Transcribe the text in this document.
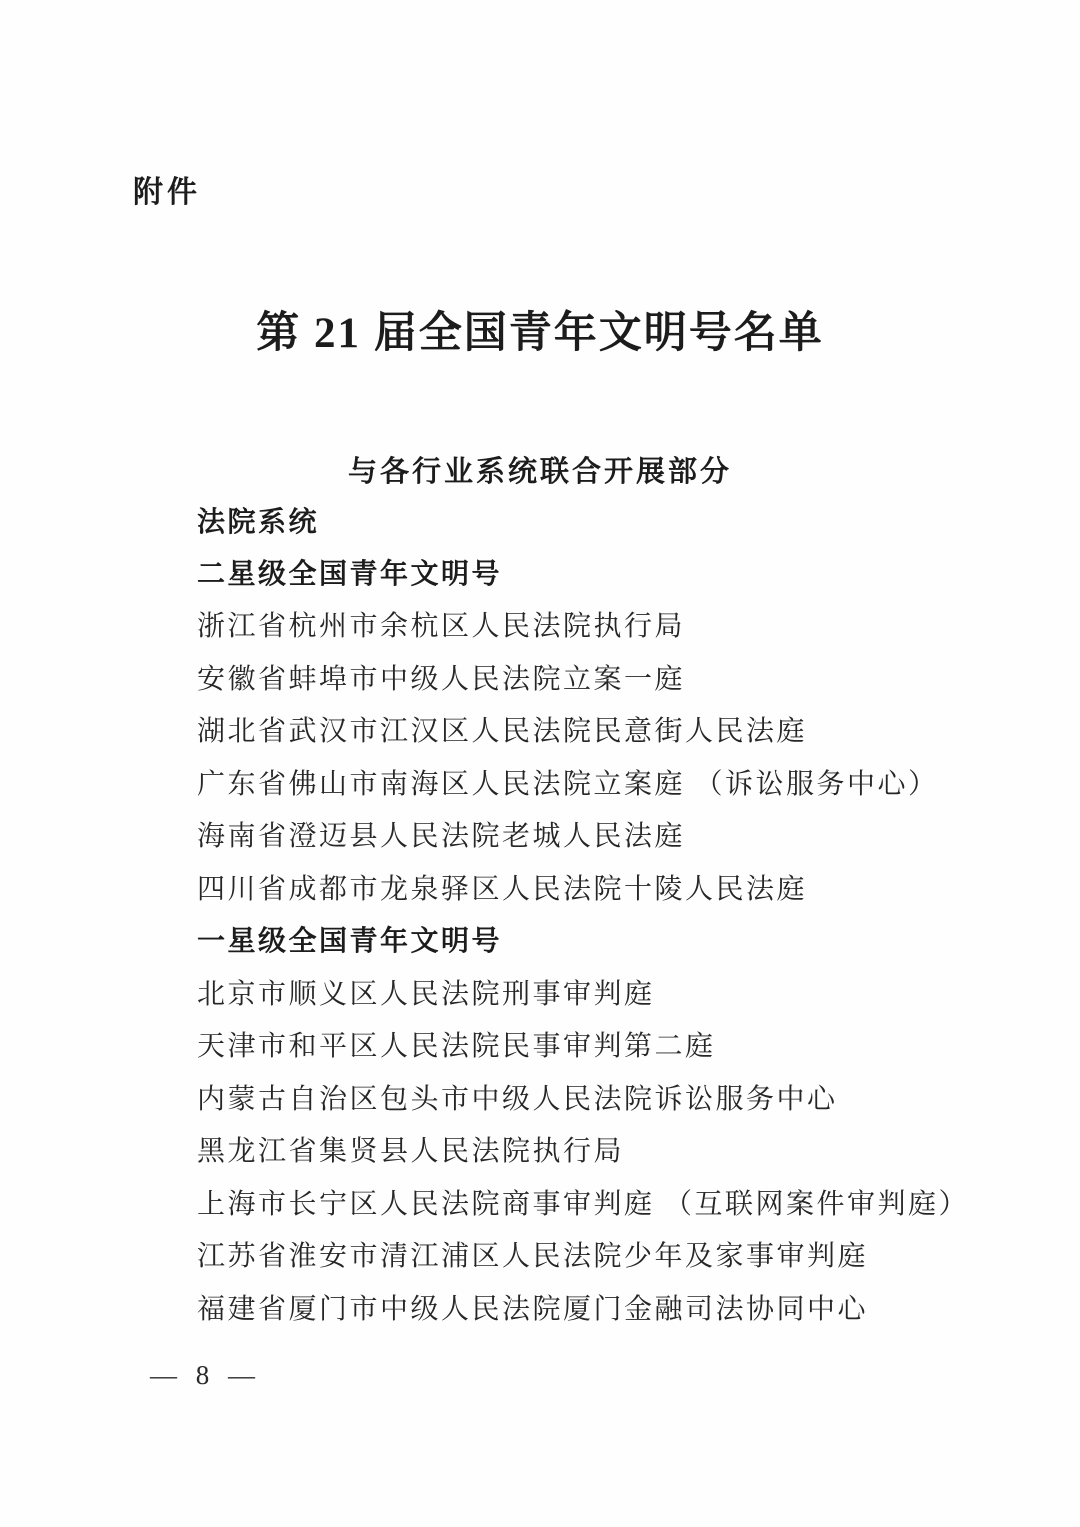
附件
第 21 届全国青年文明号名单
与各行业系统联合开展部分

法院系统

二星级全国青年文明号

浙江省杭州市余杭区人民法院执行局

安徽省蚌埠市中级人民法院立案一庭

湖北省武汉市江汉区人民法院民意街人民法庭

广东省佛山市南海区人民法院立案庭 （诉讼服务中心）

海南省澄迈县人民法院老城人民法庭

四川省成都市龙泉驿区人民法院十陵人民法庭

一星级全国青年文明号

北京市顺义区人民法院刑事审判庭

天津市和平区人民法院民事审判第二庭

内蒙古自治区包头市中级人民法院诉讼服务中心

黑龙江省集贤县人民法院执行局

上海市长宁区人民法院商事审判庭 （互联网案件审判庭）

江苏省淮安市清江浦区人民法院少年及家事审判庭

福建省厦门市中级人民法院厦门金融司法协同中心

— 8 —
